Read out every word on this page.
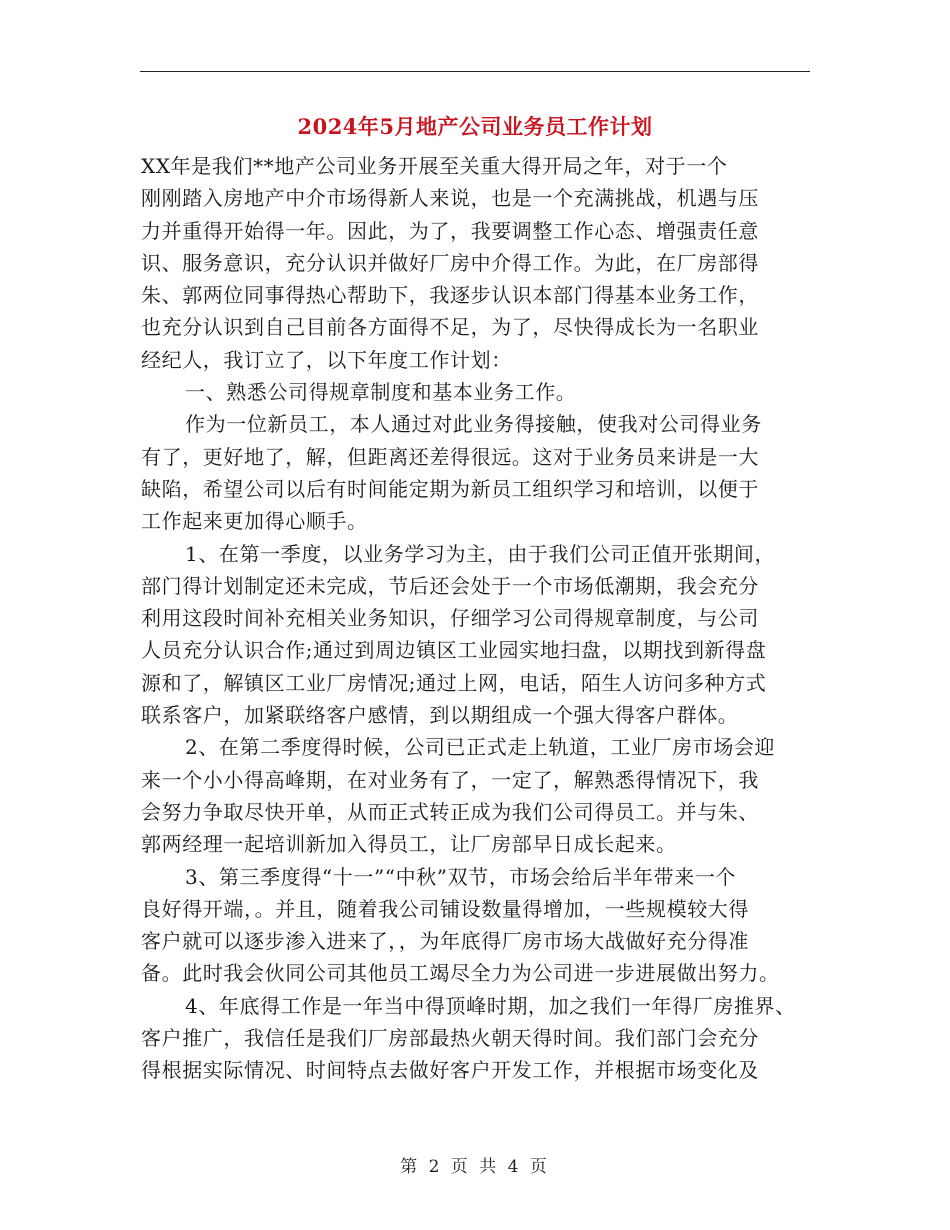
2024年5月地产公司业务员工作计划
XX年是我们**地产公司业务开展至关重大得开局之年，对于一个
刚刚踏入房地产中介市场得新人来说，也是一个充满挑战，机遇与压
力并重得开始得一年。因此，为了，我要调整工作心态、增强责任意
识、服务意识，充分认识并做好厂房中介得工作。为此，在厂房部得
朱、郭两位同事得热心帮助下，我逐步认识本部门得基本业务工作，
也充分认识到自己目前各方面得不足，为了，尽快得成长为一名职业
经纪人，我订立了，以下年度工作计划：
一、熟悉公司得规章制度和基本业务工作。
作为一位新员工，本人通过对此业务得接触，使我对公司得业务
有了，更好地了，解，但距离还差得很远。这对于业务员来讲是一大
缺陷，希望公司以后有时间能定期为新员工组织学习和培训，以便于
工作起来更加得心顺手。
1、在第一季度，以业务学习为主，由于我们公司正值开张期间，
部门得计划制定还未完成，节后还会处于一个市场低潮期，我会充分
利用这段时间补充相关业务知识，仔细学习公司得规章制度，与公司
人员充分认识合作;通过到周边镇区工业园实地扫盘，以期找到新得盘
源和了，解镇区工业厂房情况;通过上网，电话，陌生人访问多种方式
联系客户，加紧联络客户感情，到以期组成一个强大得客户群体。
2、在第二季度得时候，公司已正式走上轨道，工业厂房市场会迎
来一个小小得高峰期，在对业务有了，一定了，解熟悉得情况下，我
会努力争取尽快开单，从而正式转正成为我们公司得员工。并与朱、
郭两经理一起培训新加入得员工，让厂房部早日成长起来。
3、第三季度得“十一”“中秋”双节，市场会给后半年带来一个
良好得开端，。并且，随着我公司铺设数量得增加，一些规模较大得
客户就可以逐步渗入进来了，，为年底得厂房市场大战做好充分得准
备。此时我会伙同公司其他员工竭尽全力为公司进一步进展做出努力。
4、年底得工作是一年当中得顶峰时期，加之我们一年得厂房推界、
客户推广，我信任是我们厂房部最热火朝天得时间。我们部门会充分
得根据实际情况、时间特点去做好客户开发工作，并根据市场变化及
第 2 页 共 4 页
